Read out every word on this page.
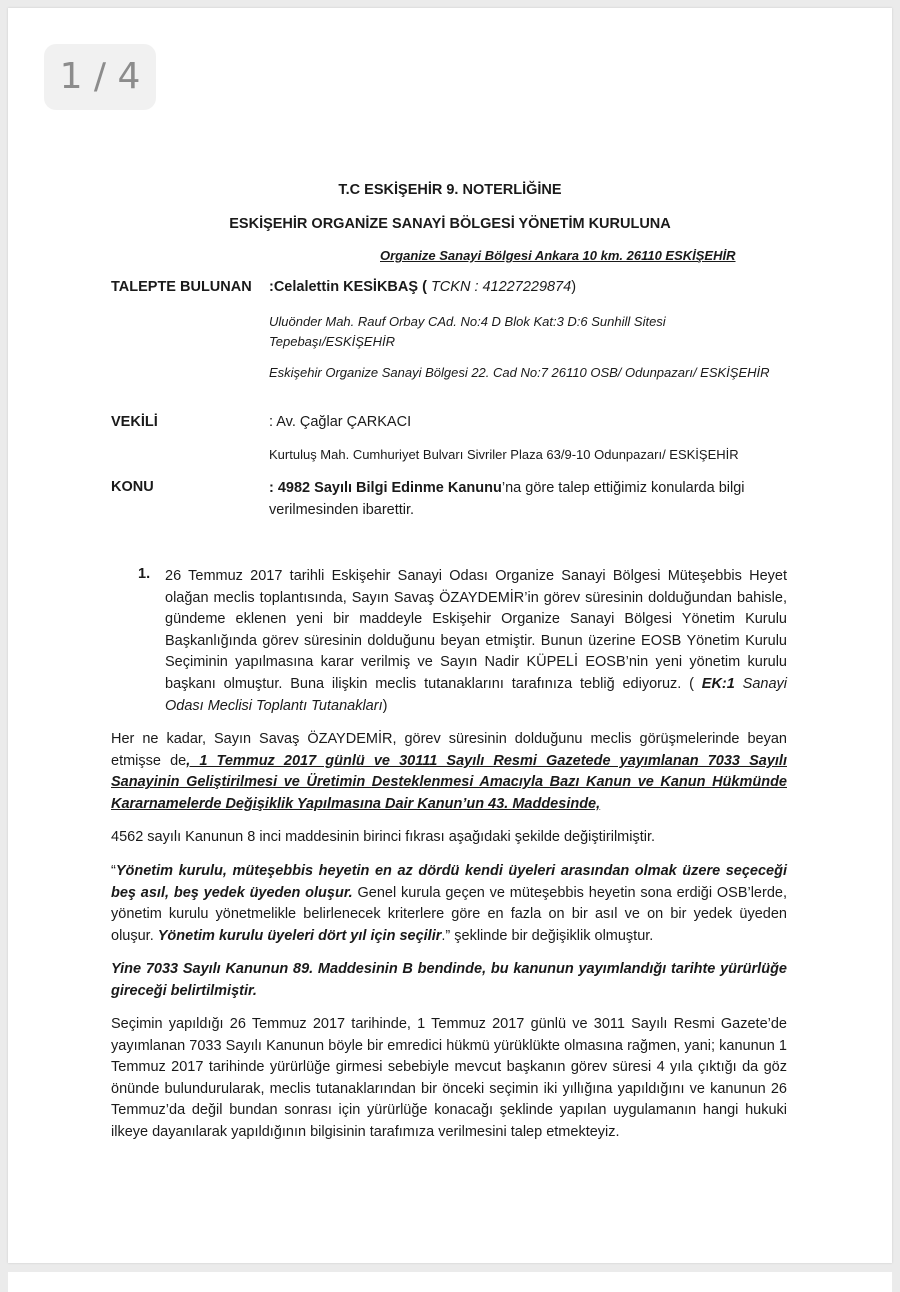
1 / 4
T.C ESKİŞEHİR 9. NOTERLİĞİNE
ESKİŞEHİR ORGANİZE SANAYİ BÖLGESİ YÖNETİM KURULUNA
Organize Sanayi Bölgesi Ankara 10 km. 26110 ESKİŞEHİR
TALEPTE BULUNAN :Celalettin KESİKBAŞ ( TCKN : 41227229874)
Uluönder Mah. Rauf Orbay CAd. No:4 D Blok Kat:3 D:6 Sunhill Sitesi
Tepebaşı/ESKİŞEHİR
Eskişehir Organize Sanayi Bölgesi 22. Cad No:7 26110 OSB/ Odunpazarı/ ESKİŞEHİR
VEKİLİ	: Av. Çağlar ÇARKACI
Kurtuluş Mah. Cumhuriyet Bulvarı Sivriler Plaza 63/9-10 Odunpazarı/ ESKİŞEHİR
KONU	: 4982 Sayılı Bilgi Edinme Kanunu’na göre talep ettiğimiz konularda bilgi verilmesinden ibarettir.
1. 26 Temmuz 2017 tarihli Eskişehir Sanayi Odası Organize Sanayi Bölgesi Müteşebbis Heyet olağan meclis toplantısında, Sayın Savaş ÖZAYDEMİR’in görev süresinin dolduğundan bahisle, gündeme eklenen yeni bir maddeyle Eskişehir Organize Sanayi Bölgesi Yönetim Kurulu Başkanlığında görev süresinin dolduğunu beyan etmiştir. Bunun üzerine EOSB Yönetim Kurulu Seçiminin yapılmasına karar verilmiş ve Sayın Nadir KÜPELİ EOSB’nin yeni yönetim kurulu başkanı olmuştur. Buna ilişkin meclis tutanaklarını tarafınıza tebliğ ediyoruz. ( EK:1 Sanayi Odası Meclisi Toplantı Tutanakları)
Her ne kadar, Sayın Savaş ÖZAYDEMİR, görev süresinin dolduğunu meclis görüşmelerinde beyan etmişse de, 1 Temmuz 2017 günlü ve 30111 Sayılı Resmi Gazetede yayımlanan 7033 Sayılı Sanayinin Geliştirilmesi ve Üretimin Desteklenmesi Amacıyla Bazı Kanun ve Kanun Hükmünde Kararnamelerde Değişiklik Yapılmasına Dair Kanun’un 43. Maddesinde,
4562 sayılı Kanunun 8 inci maddesinin birinci fıkrası aşağıdaki şekilde değiştirilmiştir.
“Yönetim kurulu, müteşebbis heyetin en az dördü kendi üyeleri arasından olmak üzere seçeceği beş asıl, beş yedek üyeden oluşur. Genel kurula geçen ve müteşebbis heyetin sona erdiği OSB’lerde, yönetim kurulu yönetmelikle belirlenecek kriterlere göre en fazla on bir asıl ve on bir yedek üyeden oluşur. Yönetim kurulu üyeleri dört yıl için seçilir.” şeklinde bir değişiklik olmuştur.
Yine 7033 Sayılı Kanunun 89. Maddesinin B bendinde, bu kanunun yayımlandığı tarihte yürürlüğe gireceği belirtilmiştir.
Seçimin yapıldığı 26 Temmuz 2017 tarihinde, 1 Temmuz 2017 günlü ve 3011 Sayılı Resmi Gazete’de yayımlanan 7033 Sayılı Kanunun böyle bir emredici hükmü yürüklükte olmasına rağmen, yani; kanunun 1 Temmuz 2017 tarihinde yürürlüğe girmesi sebebiyle mevcut başkanın görev süresi 4 yıla çıktığı da göz önünde bulundurularak, meclis tutanaklarından bir önceki seçimin iki yıllığına yapıldığını ve kanunun 26 Temmuz’da değil bundan sonrası için yürürlüğe konacağı şeklinde yapılan uygulamanın hangi hukuki ilkeye dayanılarak yapıldığının bilgisinin tarafımıza verilmesini talep etmekteyiz.
